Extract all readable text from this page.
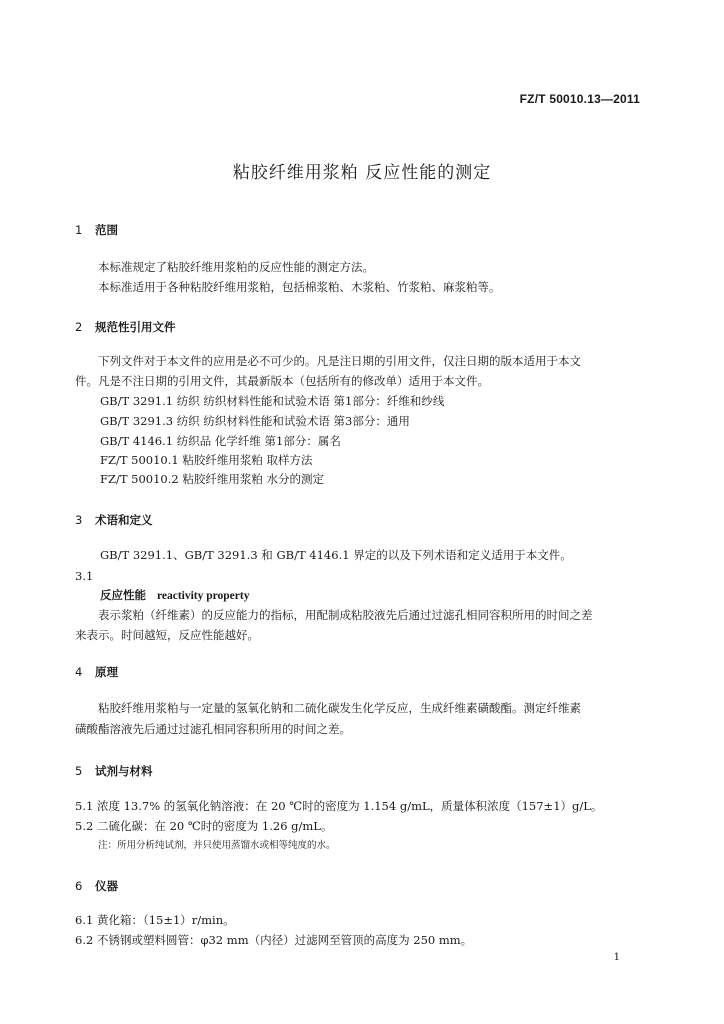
FZ/T 50010.13—2011
粘胶纤维用浆粕 反应性能的测定
1 范围
本标准规定了粘胶纤维用浆粕的反应性能的测定方法。
本标准适用于各种粘胶纤维用浆粕，包括棉浆粕、木浆粕、竹浆粕、麻浆粕等。
2 规范性引用文件
下列文件对于本文件的应用是必不可少的。凡是注日期的引用文件，仅注日期的版本适用于本文
件。凡是不注日期的引用文件，其最新版本（包括所有的修改单）适用于本文件。
GB/T 3291.1 纺织 纺织材料性能和试验术语 第1部分：纤维和纱线
GB/T 3291.3 纺织 纺织材料性能和试验术语 第3部分：通用
GB/T 4146.1 纺织品 化学纤维 第1部分：属名
FZ/T 50010.1 粘胶纤维用浆粕 取样方法
FZ/T 50010.2 粘胶纤维用浆粕 水分的测定
3 术语和定义
GB/T 3291.1、GB/T 3291.3 和 GB/T 4146.1 界定的以及下列术语和定义适用于本文件。
3.1
反应性能 reactivity property
表示浆粕（纤维素）的反应能力的指标，用配制成粘胶液先后通过过滤孔相同容积所用的时间之差
来表示。时间越短，反应性能越好。
4 原理
粘胶纤维用浆粕与一定量的氢氧化钠和二硫化碳发生化学反应，生成纤维素磺酸酯。测定纤维素
磺酸酯溶液先后通过过滤孔相同容积所用的时间之差。
5 试剂与材料
5.1 浓度 13.7% 的氢氧化钠溶液：在 20 ℃时的密度为 1.154 g/mL，质量体积浓度（157±1）g/L。
5.2 二硫化碳：在 20 ℃时的密度为 1.26 g/mL。
注：所用分析纯试剂，并只使用蒸馏水或相等纯度的水。
6 仪器
6.1 黄化箱：（15±1）r/min。
6.2 不锈钢或塑料圆管：φ32 mm（内径）过滤网至管顶的高度为 250 mm。
1
